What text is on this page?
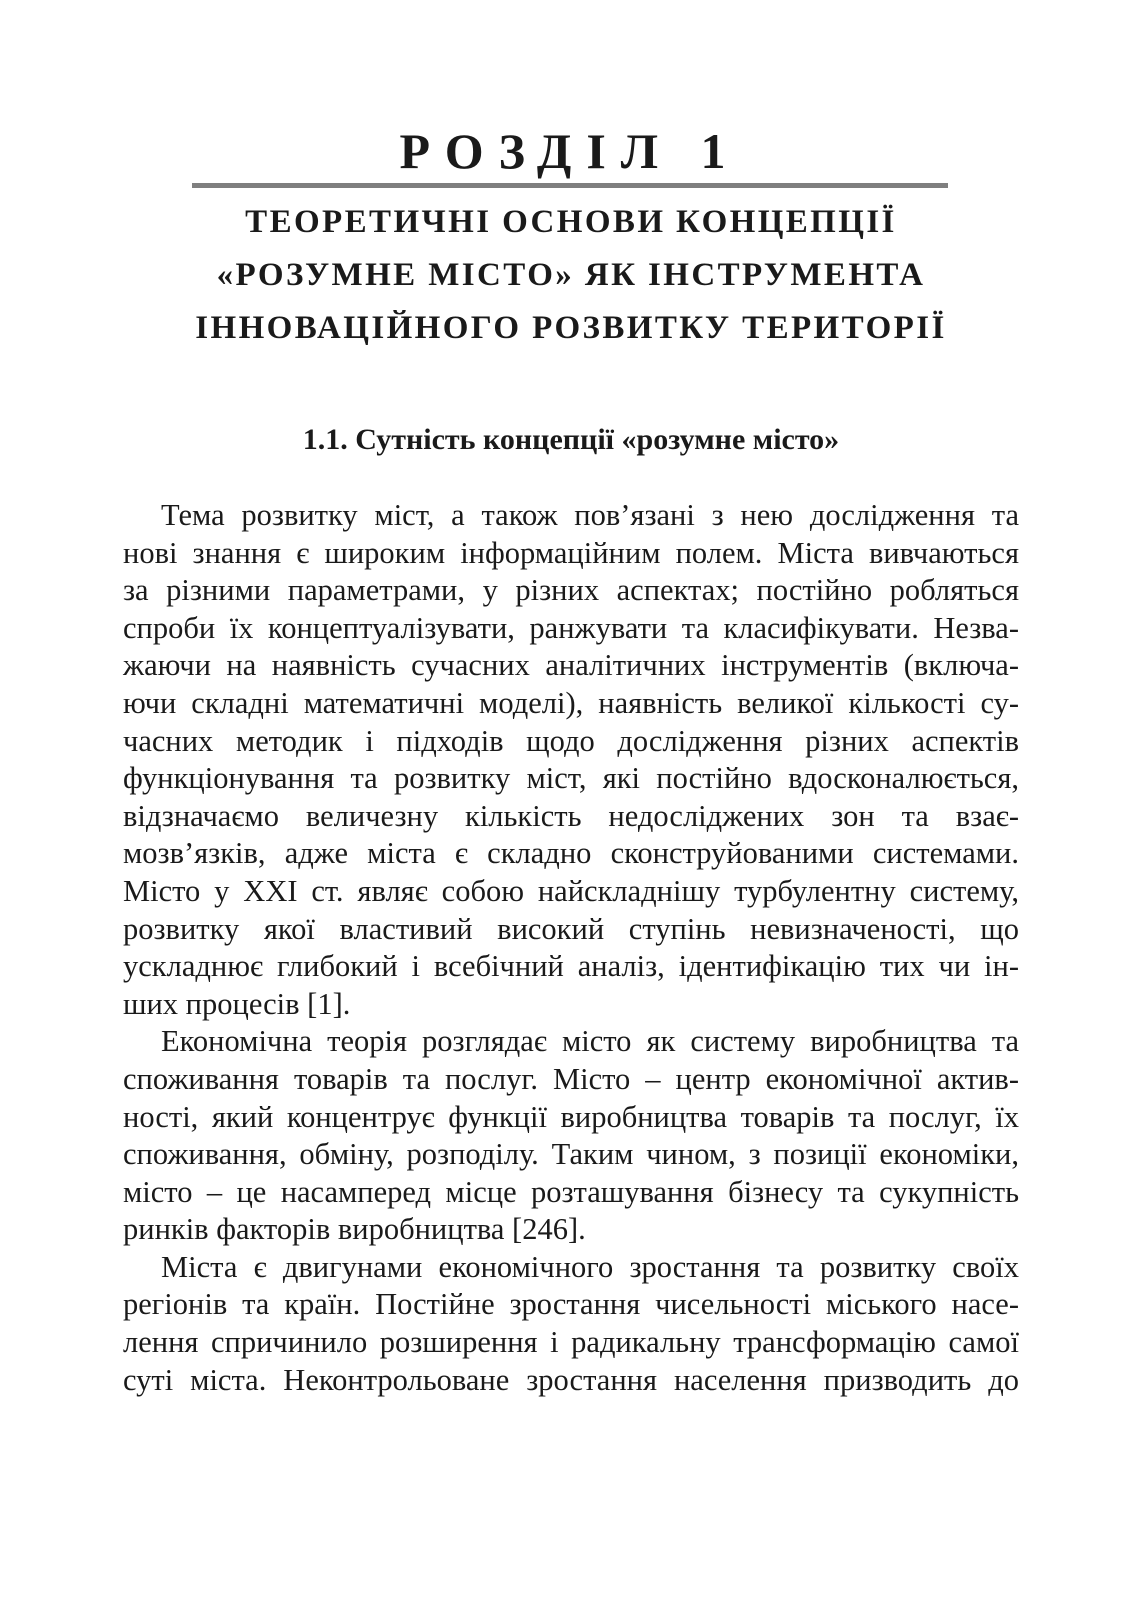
РОЗДІЛ 1
ТЕОРЕТИЧНІ ОСНОВИ КОНЦЕПЦІЇ
«РОЗУМНЕ МІСТО» ЯК ІНСТРУМЕНТА
ІННОВАЦІЙНОГО РОЗВИТКУ ТЕРИТОРІЇ
1.1. Сутність концепції «розумне місто»

Тема розвитку міст, а також пов’язані з нею дослідження та
нові знання є широким інформаційним полем. Міста вивчаються
за різними параметрами, у різних аспектах; постійно робляться
спроби їх концептуалізувати, ранжувати та класифікувати. Незва-
жаючи на наявність сучасних аналітичних інструментів (включа-
ючи складні математичні моделі), наявність великої кількості су-
часних методик і підходів щодо дослідження різних аспектів
функціонування та розвитку міст, які постійно вдосконалюється,
відзначаємо величезну кількість недосліджених зон та взає-
мозв’язків, адже міста є складно сконструйованими системами.
Місто у ХХІ ст. являє собою найскладнішу турбулентну систему,
розвитку якої властивий високий ступінь невизначеності, що
ускладнює глибокий і всебічний аналіз, ідентифікацію тих чи ін-
ших процесів [1].

Економічна теорія розглядає місто як систему виробництва та
споживання товарів та послуг. Місто – центр економічної актив-
ності, який концентрує функції виробництва товарів та послуг, їх
споживання, обміну, розподілу. Таким чином, з позиції економіки,
місто – це насамперед місце розташування бізнесу та сукупність
ринків факторів виробництва [246].

Міста є двигунами економічного зростання та розвитку своїх
регіонів та країн. Постійне зростання чисельності міського насе-
лення спричинило розширення і радикальну трансформацію самої
суті міста. Неконтрольоване зростання населення призводить до
